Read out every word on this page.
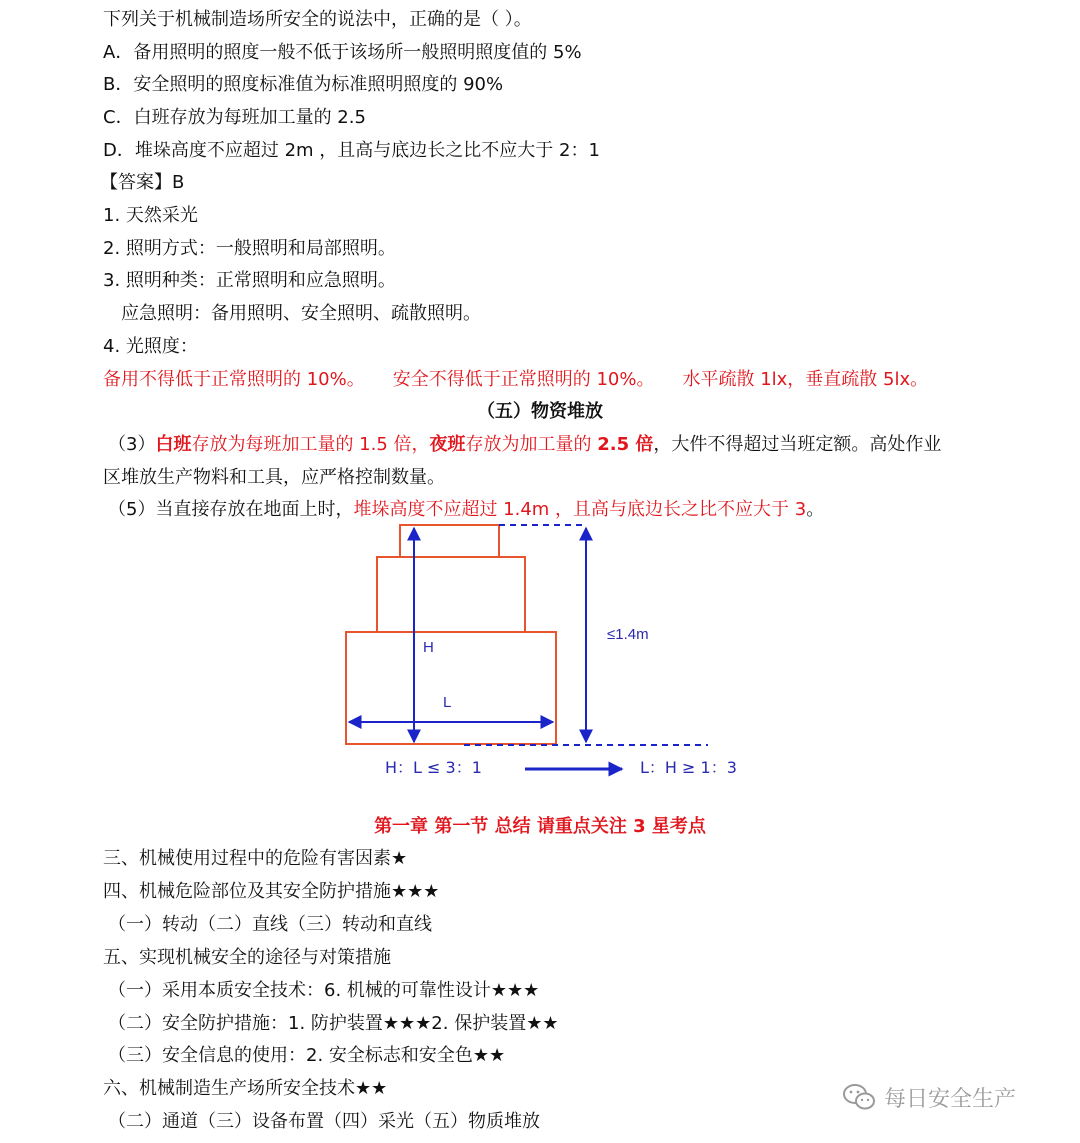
下列关于机械制造场所安全的说法中，正确的是（ ）。
A．备用照明的照度一般不低于该场所一般照明照度值的 5%
B．安全照明的照度标准值为标准照明照度的 90%
C．白班存放为每班加工量的 2.5
D．堆垛高度不应超过 2m ，且高与底边长之比不应大于 2：1
【答案】B
1. 天然采光
2. 照明方式：一般照明和局部照明。
3. 照明种类：正常照明和应急照明。
应急照明：备用照明、安全照明、疏散照明。
4. 光照度：
备用不得低于正常照明的 10%。 安全不得低于正常照明的 10%。 水平疏散 1lx，垂直疏散 5lx。
（五）物资堆放
（3）白班存放为每班加工量的 1.5 倍，夜班存放为加工量的 2.5 倍，大件不得超过当班定额。高处作业
区堆放生产物料和工具，应严格控制数量。
（5）当直接存放在地面上时，堆垛高度不应超过 1.4m ，且高与底边长之比不应大于 3。
H
L
≤1.4m
H：L ≤ 3：1	L：H ≥ 1：3
第一章 第一节 总结 请重点关注 3 星考点
三、机械使用过程中的危险有害因素★
四、机械危险部位及其安全防护措施★★★
（一）转动（二）直线（三）转动和直线
五、实现机械安全的途径与对策措施
（一）采用本质安全技术：6. 机械的可靠性设计★★★
（二）安全防护措施：1. 防护装置★★★2. 保护装置★★
（三）安全信息的使用：2. 安全标志和安全色★★
六、机械制造生产场所安全技术★★
（二）通道（三）设备布置（四）采光（五）物质堆放
每日安全生产
